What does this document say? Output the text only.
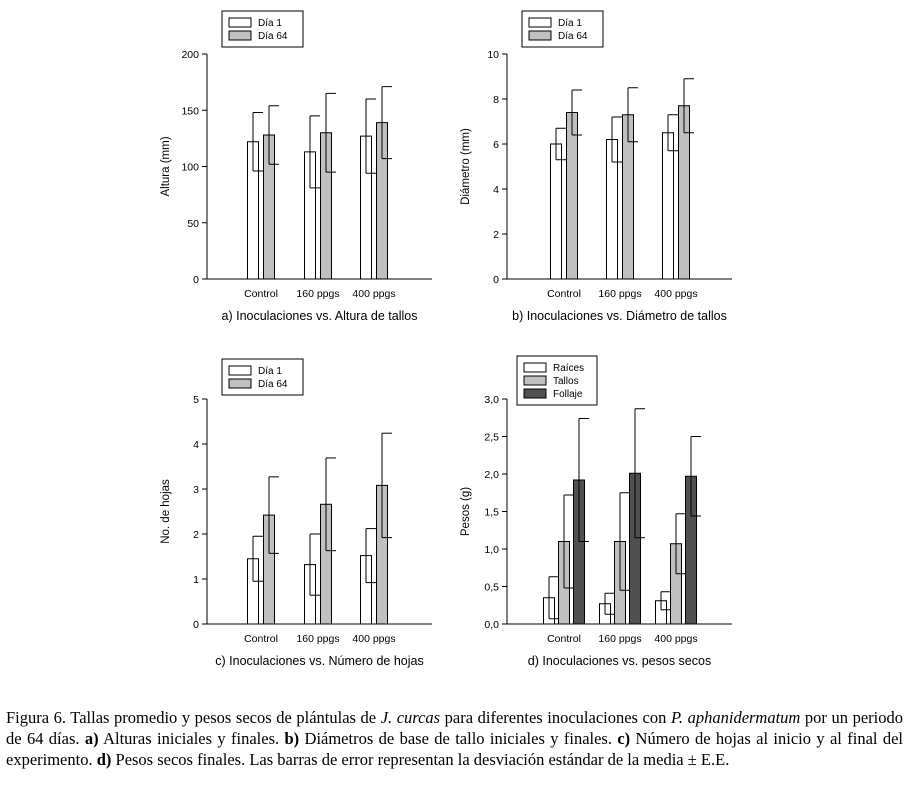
0
50
100
150
200
Altura (mm)
Control 160 ppgs 400 ppgs
Día 1
Día 64
a) Inoculaciones vs. Altura de tallos
0
2
4
6
8
10
Diámetro (mm)
Control 160 ppgs 400 ppgs
Día 1
Día 64
b) Inoculaciones vs. Diámetro de tallos
0
1
2
3
4
5
No. de hojas
Control 160 ppgs 400 ppgs
Día 1
Día 64
c) Inoculaciones vs. Número de hojas
0,0
0,5
1,0
1,5
2,0
2,5
3,0
Pesos (g)
Control 160 ppgs 400 ppgs
Raíces
Tallos
Follaje
d) Inoculaciones vs. pesos secos

Figura 6. Tallas promedio y pesos secos de plántulas de J. curcas para diferentes inoculaciones con P. aphanidermatum por un periodo de 64 días. a) Alturas iniciales y finales. b) Diámetros de base de tallo iniciales y finales. c) Número de hojas al inicio y al final del experimento. d) Pesos secos finales. Las barras de error representan la desviación estándar de la media ± E.E.
